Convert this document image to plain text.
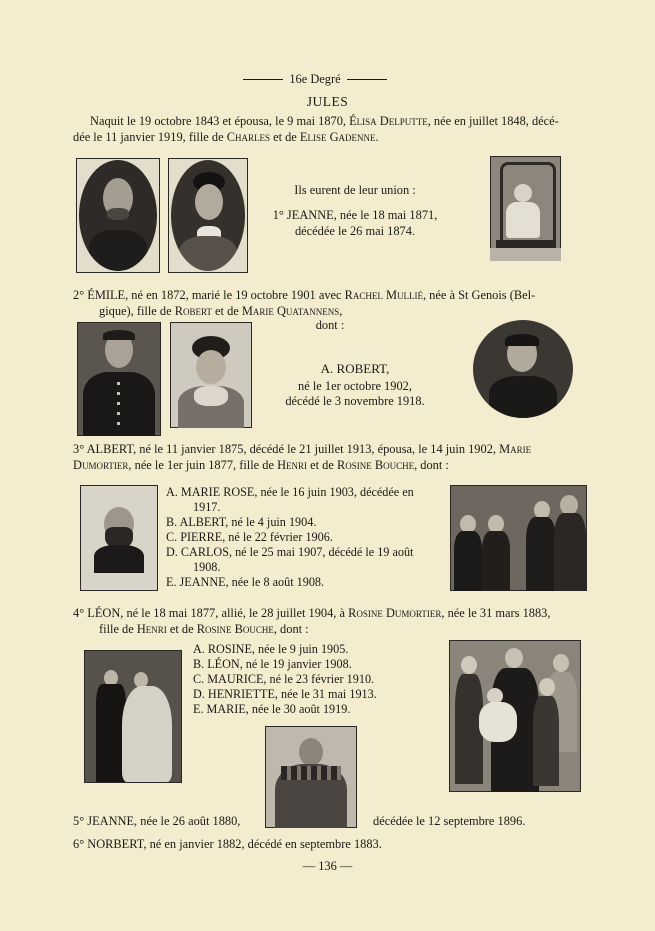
16e Degré
JULES
Naquit le 19 octobre 1843 et épousa, le 9 mai 1870, Élisa Delputte, née en juillet 1848, décé-
dée le 11 janvier 1919, fille de Charles et de Elise Gadenne.
Ils eurent de leur union :
1° JEANNE, née le 18 mai 1871,
décédée le 26 mai 1874.
2° ÉMILE, né en 1872, marié le 19 octobre 1901 avec Rachel Mullié, née à St Genois (Bel-
gique), fille de Robert et de Marie Quatannens,
dont :
A. ROBERT,
né le 1er octobre 1902,
décédé le 3 novembre 1918.
3° ALBERT, né le 11 janvier 1875, décédé le 21 juillet 1913, épousa, le 14 juin 1902, Marie
Dumortier, née le 1er juin 1877, fille de Henri et de Rosine Bouche, dont :
A. MARIE ROSE, née le 16 juin 1903, décédée en
1917.
B. ALBERT, né le 4 juin 1904.
C. PIERRE, né le 22 février 1906.
D. CARLOS, né le 25 mai 1907, décédé le 19 août
1908.
E. JEANNE, née le 8 août 1908.
4° LÉON, né le 18 mai 1877, allié, le 28 juillet 1904, à Rosine Dumortier, née le 31 mars 1883,
fille de Henri et de Rosine Bouche, dont :
A. ROSINE, née le 9 juin 1905.
B. LÉON, né le 19 janvier 1908.
C. MAURICE, né le 23 février 1910.
D. HENRIETTE, née le 31 mai 1913.
E. MARIE, née le 30 août 1919.
5° JEANNE, née le 26 août 1880,	décédée le 12 septembre 1896.
6° NORBERT, né en janvier 1882, décédé en septembre 1883.
— 136 —
